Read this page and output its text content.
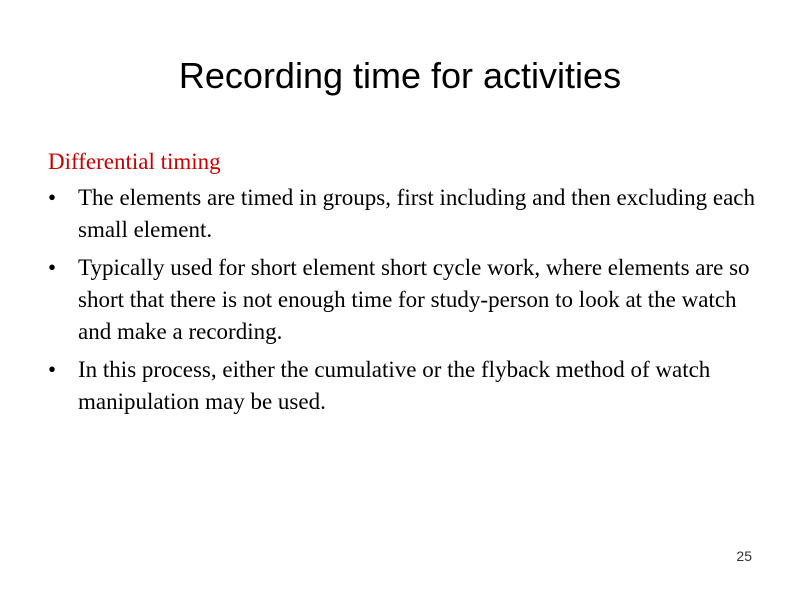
Recording time for activities
Differential timing
• The elements are timed in groups, first including and then excluding each small element.
• Typically used for short element short cycle work, where elements are so short that there is not enough time for study-person to look at the watch and make a recording.
• In this process, either the cumulative or the flyback method of watch manipulation may be used.
25
